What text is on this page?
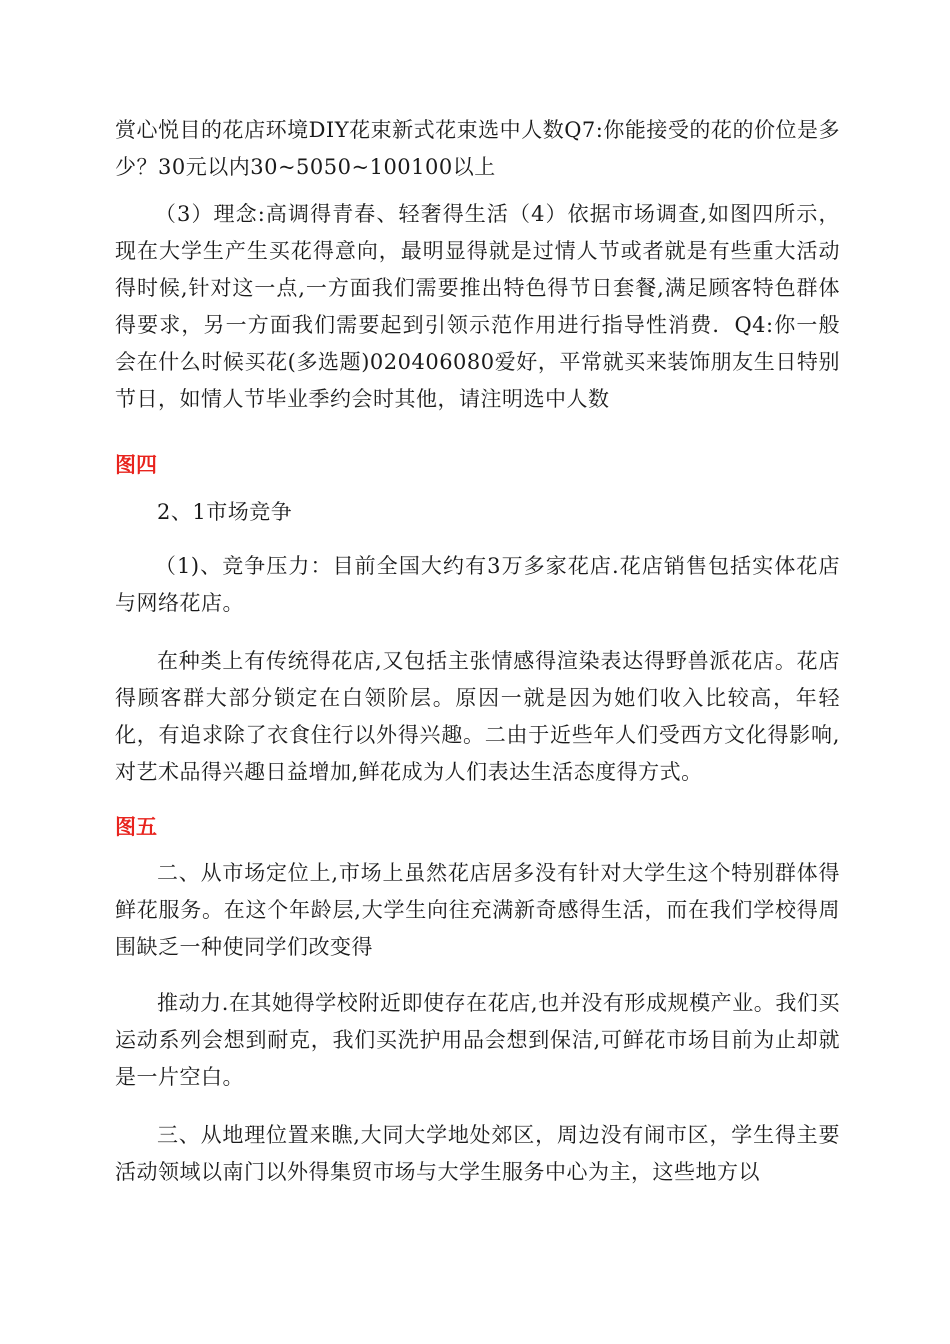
赏心悦目的花店环境DIY花束新式花束选中人数Q7:你能接受的花的价位是多少？30元以内30~5050~100100以上

（3）理念:高调得青春、轻奢得生活（4）依据市场调查,如图四所示，现在大学生产生买花得意向，最明显得就是过情人节或者就是有些重大活动得时候,针对这一点,一方面我们需要推出特色得节日套餐,满足顾客特色群体得要求，另一方面我们需要起到引领示范作用进行指导性消费．Q4:你一般会在什么时候买花(多选题)020406080爱好，平常就买来装饰朋友生日特别节日，如情人节毕业季约会时其他，请注明选中人数

图四

2、1市场竞争

（1)、竞争压力：目前全国大约有3万多家花店.花店销售包括实体花店与网络花店。

在种类上有传统得花店,又包括主张情感得渲染表达得野兽派花店。花店得顾客群大部分锁定在白领阶层。原因一就是因为她们收入比较高，年轻化，有追求除了衣食住行以外得兴趣。二由于近些年人们受西方文化得影响,对艺术品得兴趣日益增加,鲜花成为人们表达生活态度得方式。

图五

二、从市场定位上,市场上虽然花店居多没有针对大学生这个特别群体得鲜花服务。在这个年龄层,大学生向往充满新奇感得生活，而在我们学校得周围缺乏一种使同学们改变得

推动力.在其她得学校附近即使存在花店,也并没有形成规模产业。我们买运动系列会想到耐克，我们买洗护用品会想到保洁,可鲜花市场目前为止却就是一片空白。

三、从地理位置来瞧,大同大学地处郊区，周边没有闹市区，学生得主要活动领域以南门以外得集贸市场与大学生服务中心为主，这些地方以
